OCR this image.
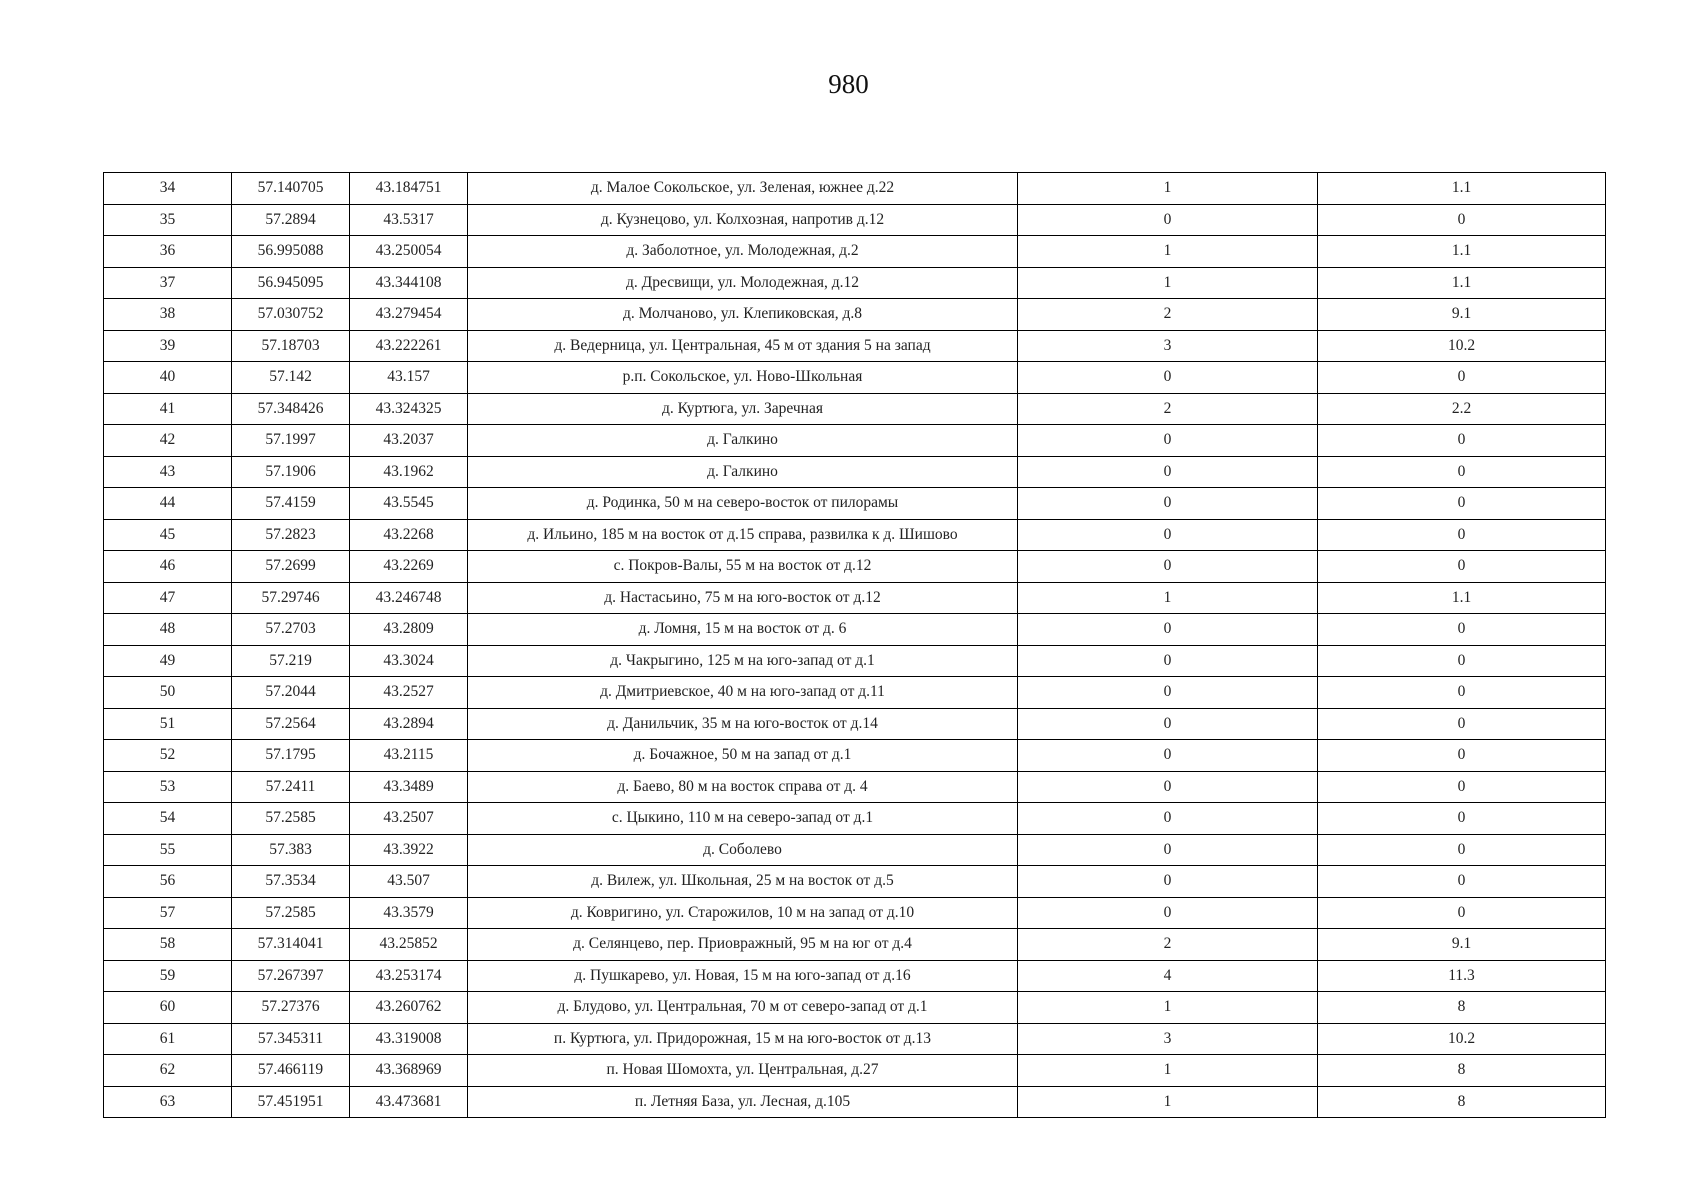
980
34	57.140705	43.184751	д. Малое Сокольское, ул. Зеленая, южнее д.22	1	1.1
35	57.2894	43.5317	д. Кузнецово, ул. Колхозная, напротив д.12	0	0
36	56.995088	43.250054	д. Заболотное, ул. Молодежная, д.2	1	1.1
37	56.945095	43.344108	д. Дресвищи, ул. Молодежная, д.12	1	1.1
38	57.030752	43.279454	д. Молчаново, ул. Клепиковская, д.8	2	9.1
39	57.18703	43.222261	д. Ведерница, ул. Центральная, 45 м от здания 5 на запад	3	10.2
40	57.142	43.157	р.п. Сокольское, ул. Ново-Школьная	0	0
41	57.348426	43.324325	д. Куртюга, ул. Заречная	2	2.2
42	57.1997	43.2037	д. Галкино	0	0
43	57.1906	43.1962	д. Галкино	0	0
44	57.4159	43.5545	д. Родинка, 50 м на северо-восток от пилорамы	0	0
45	57.2823	43.2268	д. Ильино, 185 м на восток от д.15 справа, развилка к д. Шишово	0	0
46	57.2699	43.2269	с. Покров-Валы, 55 м на восток от д.12	0	0
47	57.29746	43.246748	д. Настасьино, 75 м на юго-восток от д.12	1	1.1
48	57.2703	43.2809	д. Ломня, 15 м на восток от д. 6	0	0
49	57.219	43.3024	д. Чакрыгино, 125 м на юго-запад от д.1	0	0
50	57.2044	43.2527	д. Дмитриевское, 40 м на юго-запад от д.11	0	0
51	57.2564	43.2894	д. Данильчик, 35 м на юго-восток от д.14	0	0
52	57.1795	43.2115	д. Бочажное, 50 м на запад от д.1	0	0
53	57.2411	43.3489	д. Баево, 80 м на восток справа от д. 4	0	0
54	57.2585	43.2507	с. Цыкино, 110 м на северо-запад от д.1	0	0
55	57.383	43.3922	д. Соболево	0	0
56	57.3534	43.507	д. Вилеж, ул. Школьная, 25 м на восток от д.5	0	0
57	57.2585	43.3579	д. Ковригино, ул. Старожилов, 10 м на запад от д.10	0	0
58	57.314041	43.25852	д. Селянцево, пер. Приовражный, 95 м на юг от д.4	2	9.1
59	57.267397	43.253174	д. Пушкарево, ул. Новая, 15 м на юго-запад от д.16	4	11.3
60	57.27376	43.260762	д. Блудово, ул. Центральная, 70 м от северо-запад от д.1	1	8
61	57.345311	43.319008	п. Куртюга, ул. Придорожная, 15 м на юго-восток от д.13	3	10.2
62	57.466119	43.368969	п. Новая Шомохта, ул. Центральная, д.27	1	8
63	57.451951	43.473681	п. Летняя База, ул. Лесная, д.105	1	8
